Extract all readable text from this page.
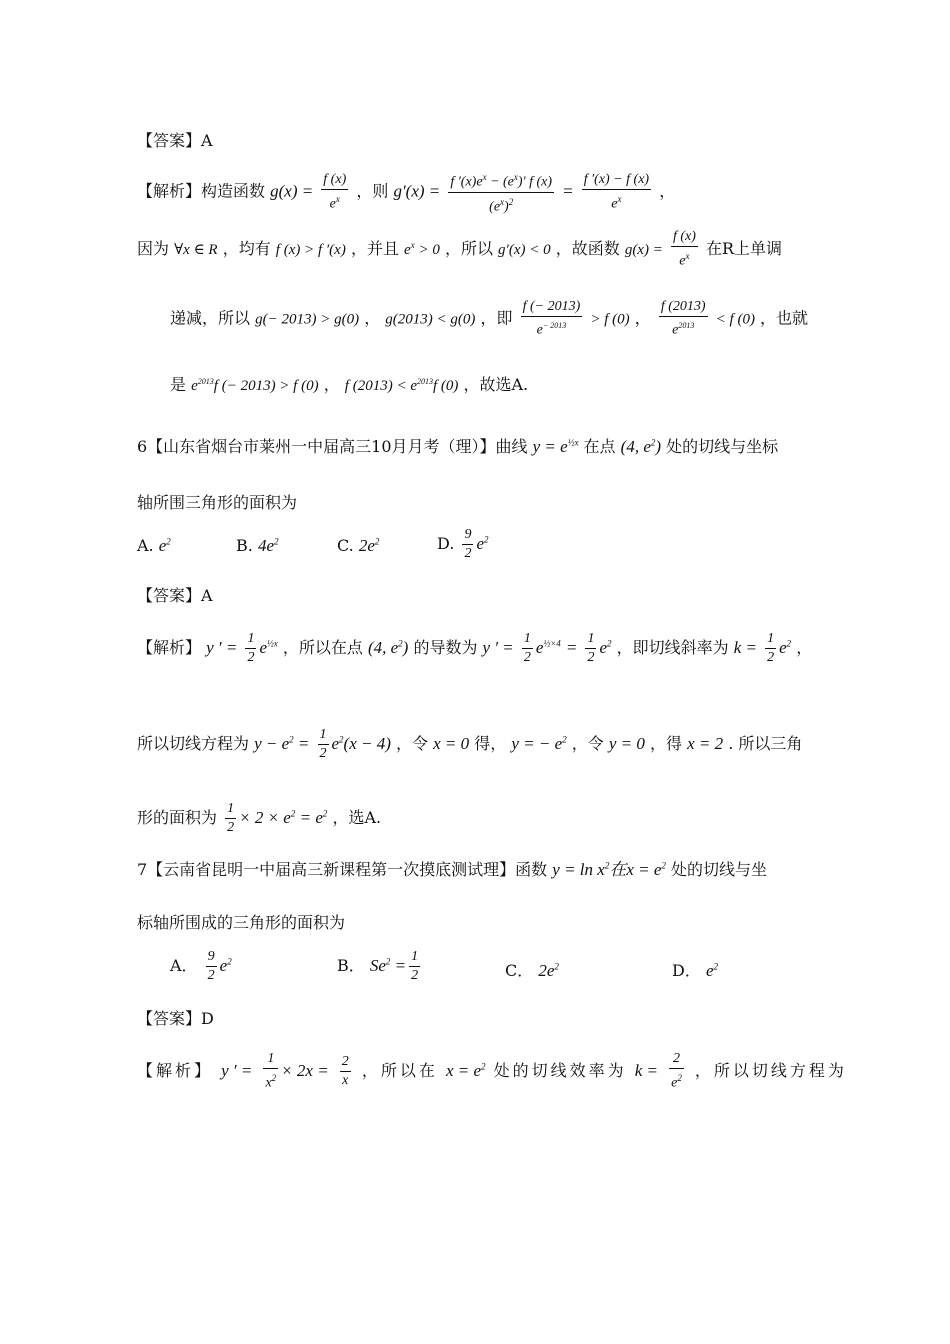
【答案】A
【解析】构造函数 $g(x) = \frac{f (x)}{e^x}$ ，则 $g'(x) = \frac{f '(x)e^x - (e^x)' f (x)}{(e^x)^2} = \frac{f '(x) - f (x)}{e^x}$ ，
因为 ∀x ∈ R ，均有 f (x) > f ′(x) ，并且 $e^x > 0$ ，所以 g′(x) < 0 ，故函数 $g(x) = \frac{f (x)}{e^x}$ 在R上单调
递减，所以 g(− 2013) > g(0) ， g(2013) < g(0) ，即 $\frac{f (- 2013)}{e^{- 2013}} > f$ (0) ， $\frac{f (2013)}{e^{2013}} < f$ (0) ，也就
是 $e^{2013}f$ (− 2013) > f (0) ， f $(2013) < e^{2013}f$ (0) ，故选A.
6【山东省烟台市莱州一中届高三10月月考（理）】曲线 $y = e^{\frac{1}{2}x}$ 在点 (4, $e^2$) 处的切线与坐标
轴所围三角形的面积为
A. $e^2$	B. $4e^2$	C. $2e^2$	D. $\frac{9}{2} e^2$
【答案】A
【解析】 y ′ = $\frac{1}{2} e^{\frac{1}{2}x}$ ，所以在点 (4, $e^2$) 的导数为 y ′ = $\frac{1}{2} e^{\frac{1}{2}\times 4} = \frac{1}{2} e^2$ ，即切线斜率为 $k = \frac{1}{2} e^2$ ，
所以切线方程为 $y - e^2 = \frac{1}{2} e^2(x - 4)$ ，令 x = 0 得， y = − $e^2$ ，令 y = 0 ，得 x = 2 . 所以三角
形的面积为 $\frac{1}{2} \times 2 \times e^2 = e^2$ ，选A.
7【云南省昆明一中届高三新课程第一次摸底测试理】函数 $y = \ln x^2$在$x = e^2$ 处的切线与坐
标轴所围成的三角形的面积为
A． $\frac{9}{2} e^2$	B． $Se^2 = \frac{1}{2}$	C． $2e^2$	D． $e^2$
【答案】D
【解析】 y ′ = $\frac{1}{x^2} \times 2x = \frac{2}{x}$ ，所以在 $x = e^2$ 处的切线效率为 $k = \frac{2}{e^2}$ ，所以切线方程为
